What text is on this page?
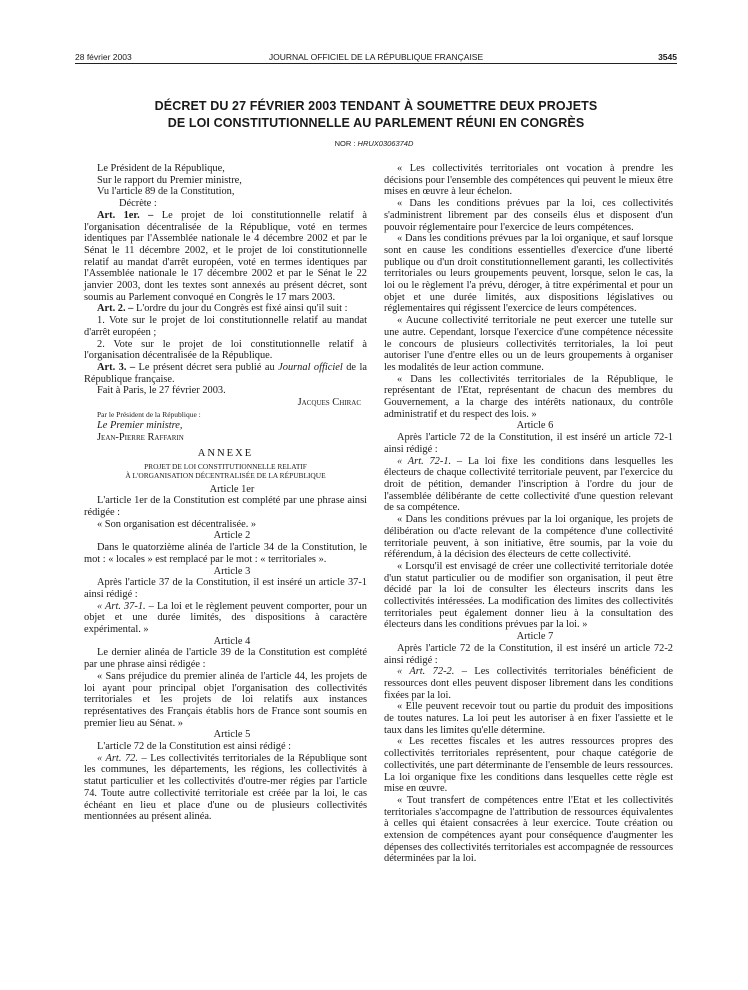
28 février 2003	JOURNAL OFFICIEL DE LA RÉPUBLIQUE FRANÇAISE	3545
DÉCRET DU 27 FÉVRIER 2003 TENDANT À SOUMETTRE DEUX PROJETS
DE LOI CONSTITUTIONNELLE AU PARLEMENT RÉUNI EN CONGRÈS
NOR : HRUX0306374D

Le Président de la République,

Sur le rapport du Premier ministre,

Vu l'article 89 de la Constitution,

Décrète :

Art. 1er. – Le projet de loi constitutionnelle relatif à l'organisation décentralisée de la République, voté en termes identiques par l'Assemblée nationale le 4 décembre 2002 et par le Sénat le 11 décembre 2002, et le projet de loi constitutionnelle relatif au mandat d'arrêt européen, voté en termes identiques par l'Assemblée nationale le 17 décembre 2002 et par le Sénat le 22 janvier 2003, dont les textes sont annexés au présent décret, sont soumis au Parlement convoqué en Congrès le 17 mars 2003.

Art. 2. – L'ordre du jour du Congrès est fixé ainsi qu'il suit :

1. Vote sur le projet de loi constitutionnelle relatif au mandat d'arrêt européen ;

2. Vote sur le projet de loi constitutionnelle relatif à l'organisation décentralisée de la République.

Art. 3. – Le présent décret sera publié au Journal officiel de la République française.

Fait à Paris, le 27 février 2003.

Jacques Chirac

Par le Président de la République :

Le Premier ministre,

Jean-Pierre Raffarin

ANNEXE
PROJET DE LOI CONSTITUTIONNELLE RELATIF
À L'ORGANISATION DÉCENTRALISÉE DE LA RÉPUBLIQUE

Article 1er

L'article 1er de la Constitution est complété par une phrase ainsi rédigée :

« Son organisation est décentralisée. »

Article 2

Dans le quatorzième alinéa de l'article 34 de la Constitution, le mot : « locales » est remplacé par le mot : « territoriales ».

Article 3

Après l'article 37 de la Constitution, il est inséré un article 37-1 ainsi rédigé :

« Art. 37-1. – La loi et le règlement peuvent comporter, pour un objet et une durée limités, des dispositions à caractère expérimental. »

Article 4

Le dernier alinéa de l'article 39 de la Constitution est complété par une phrase ainsi rédigée :

« Sans préjudice du premier alinéa de l'article 44, les projets de loi ayant pour principal objet l'organisation des collectivités territoriales et les projets de loi relatifs aux instances représentatives des Français établis hors de France sont soumis en premier lieu au Sénat. »

Article 5

L'article 72 de la Constitution est ainsi rédigé :

« Art. 72. – Les collectivités territoriales de la République sont les communes, les départements, les régions, les collectivités à statut particulier et les collectivités d'outre-mer régies par l'article 74. Toute autre collectivité territoriale est créée par la loi, le cas échéant en lieu et place d'une ou de plusieurs collectivités mentionnées au présent alinéa.

« Les collectivités territoriales ont vocation à prendre les décisions pour l'ensemble des compétences qui peuvent le mieux être mises en œuvre à leur échelon.

« Dans les conditions prévues par la loi, ces collectivités s'administrent librement par des conseils élus et disposent d'un pouvoir réglementaire pour l'exercice de leurs compétences.

« Dans les conditions prévues par la loi organique, et sauf lorsque sont en cause les conditions essentielles d'exercice d'une liberté publique ou d'un droit constitutionnellement garanti, les collectivités territoriales ou leurs groupements peuvent, lorsque, selon le cas, la loi ou le règlement l'a prévu, déroger, à titre expérimental et pour un objet et une durée limités, aux dispositions législatives ou réglementaires qui régissent l'exercice de leurs compétences.

« Aucune collectivité territoriale ne peut exercer une tutelle sur une autre. Cependant, lorsque l'exercice d'une compétence nécessite le concours de plusieurs collectivités territoriales, la loi peut autoriser l'une d'entre elles ou un de leurs groupements à organiser les modalités de leur action commune.

« Dans les collectivités territoriales de la République, le représentant de l'Etat, représentant de chacun des membres du Gouvernement, a la charge des intérêts nationaux, du contrôle administratif et du respect des lois. »

Article 6

Après l'article 72 de la Constitution, il est inséré un article 72-1 ainsi rédigé :

« Art. 72-1. – La loi fixe les conditions dans lesquelles les électeurs de chaque collectivité territoriale peuvent, par l'exercice du droit de pétition, demander l'inscription à l'ordre du jour de l'assemblée délibérante de cette collectivité d'une question relevant de sa compétence.

« Dans les conditions prévues par la loi organique, les projets de délibération ou d'acte relevant de la compétence d'une collectivité territoriale peuvent, à son initiative, être soumis, par la voie du référendum, à la décision des électeurs de cette collectivité.

« Lorsqu'il est envisagé de créer une collectivité territoriale dotée d'un statut particulier ou de modifier son organisation, il peut être décidé par la loi de consulter les électeurs inscrits dans les collectivités intéressées. La modification des limites des collectivités territoriales peut également donner lieu à la consultation des électeurs dans les conditions prévues par la loi. »

Article 7

Après l'article 72 de la Constitution, il est inséré un article 72-2 ainsi rédigé :

« Art. 72-2. – Les collectivités territoriales bénéficient de ressources dont elles peuvent disposer librement dans les conditions fixées par la loi.

« Elle peuvent recevoir tout ou partie du produit des impositions de toutes natures. La loi peut les autoriser à en fixer l'assiette et le taux dans les limites qu'elle détermine.

« Les recettes fiscales et les autres ressources propres des collectivités territoriales représentent, pour chaque catégorie de collectivités, une part déterminante de l'ensemble de leurs ressources. La loi organique fixe les conditions dans lesquelles cette règle est mise en œuvre.

« Tout transfert de compétences entre l'Etat et les collectivités territoriales s'accompagne de l'attribution de ressources équivalentes à celles qui étaient consacrées à leur exercice. Toute création ou extension de compétences ayant pour conséquence d'augmenter les dépenses des collectivités territoriales est accompagnée de ressources déterminées par la loi.
